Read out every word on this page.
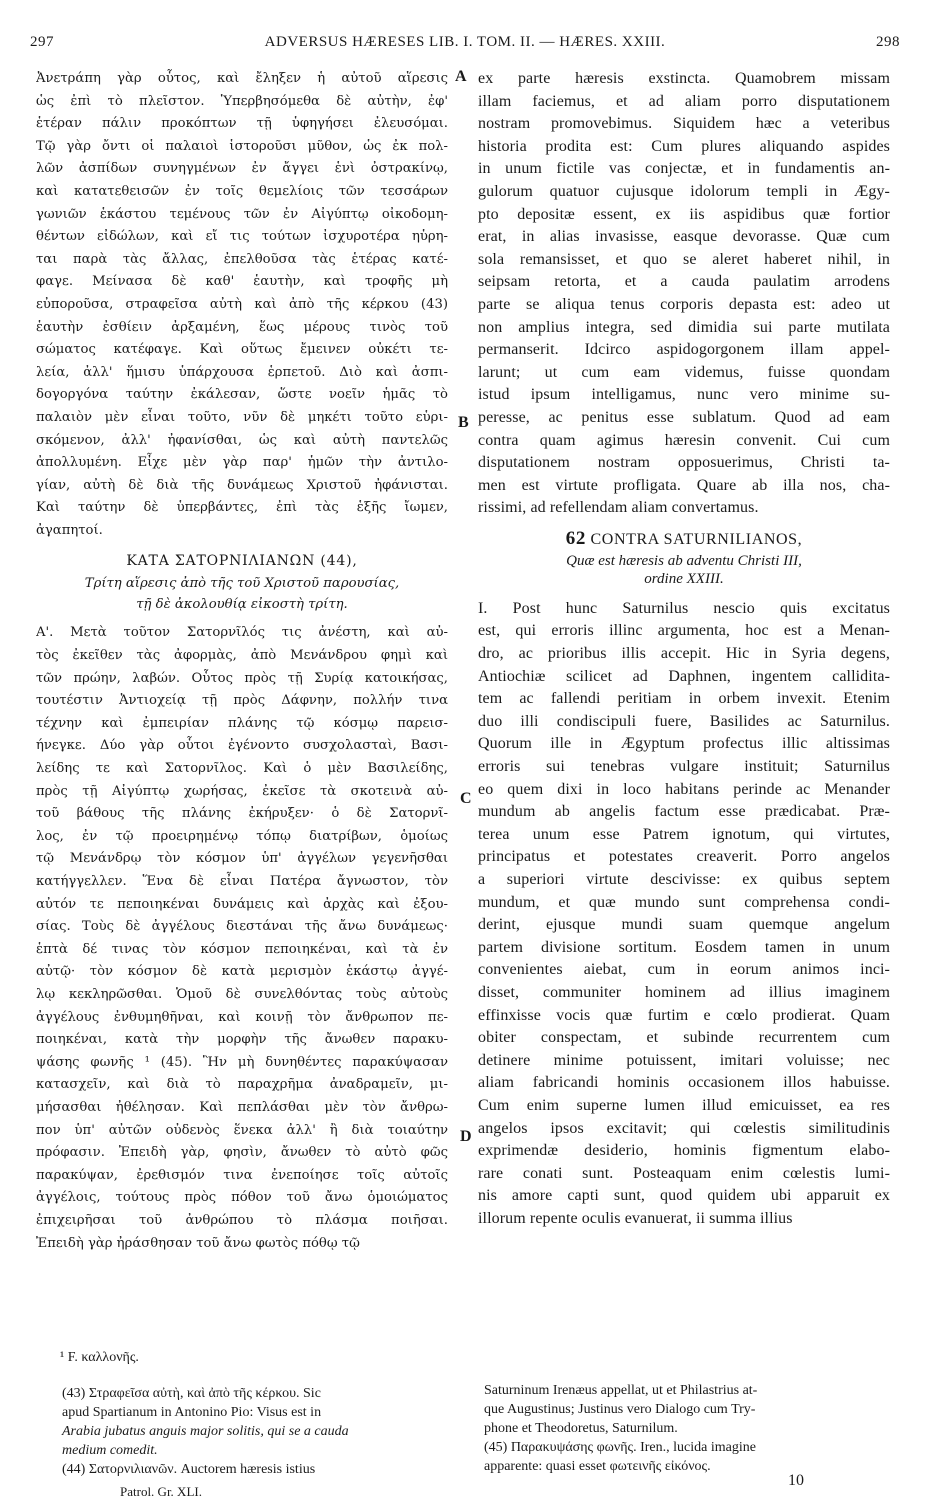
297	ADVERSUS HÆRESES LIB. I. TOM. II. — HÆRES. XXIII.	298
Ἀνετράπη γὰρ οὗτος, καὶ ἔληξεν ἡ αὐτοῦ αἵρεσις
ὡς ἐπὶ τὸ πλεῖστον. Ὑπερβησόμεθα δὲ αὐτὴν, ἐφ'
ἑτέραν πάλιν προκόπτων τῇ ὑφηγήσει ἐλευσόμαι.
Τῷ γὰρ ὄντι οἱ παλαιοὶ ἱστοροῦσι μῦθον, ὡς ἐκ πολ-
λῶν ἀσπίδων συνηγμένων ἐν ἄγγει ἑνὶ ὀστρακίνῳ,
καὶ κατατεθεισῶν ἐν τοῖς θεμελίοις τῶν τεσσάρων
γωνιῶν ἑκάστου τεμένους τῶν ἐν Αἰγύπτῳ οἰκοδομη-
θέντων εἰδώλων, καὶ εἴ τις τούτων ἰσχυροτέρα ηὑρη-
ται παρὰ τὰς ἄλλας, ἐπελθοῦσα τὰς ἑτέρας κατέ-
φαγε. Μείνασα δὲ καθ' ἑαυτὴν, καὶ τροφῆς μὴ
εὐποροῦσα, στραφεῖσα αὐτὴ καὶ ἀπὸ τῆς κέρκου (43)
ἑαυτὴν ἐσθίειν ἀρξαμένη, ἕως μέρους τινὸς τοῦ
σώματος κατέφαγε. Καὶ οὕτως ἔμεινεν οὐκέτι τε-
λεία, ἀλλ' ἥμισυ ὑπάρχουσα ἑρπετοῦ. Διὸ καὶ ἀσπι-
δογοργόνα ταύτην ἐκάλεσαν, ὥστε νοεῖν ἡμᾶς τὸ
παλαιὸν μὲν εἶναι τοῦτο, νῦν δὲ μηκέτι τοῦτο εὑρι-
σκόμενον, ἀλλ' ἠφανίσθαι, ὡς καὶ αὐτὴ παντελῶς
ἀπολλυμένη. Εἶχε μὲν γὰρ παρ' ἡμῶν τὴν ἀντιλο-
γίαν, αὐτὴ δὲ διὰ τῆς δυνάμεως Χριστοῦ ἠφάνισται.
Καὶ ταύτην δὲ ὑπερβάντες, ἐπὶ τὰς ἑξῆς ἴωμεν,
ἀγαπητοί.
ΚΑΤΑ ΣΑΤΟΡΝΙΛΙΑΝΩΝ (44),
Τρίτη αἵρεσις ἀπὸ τῆς τοῦ Χριστοῦ παρουσίας,
τῇ δὲ ἀκολουθίᾳ εἰκοστὴ τρίτη.
Α'. Μετὰ τοῦτον Σατορνῖλός τις ἀνέστη, καὶ αὐ-
τὸς ἐκεῖθεν τὰς ἀφορμὰς, ἀπὸ Μενάνδρου φημὶ καὶ
τῶν πρώην, λαβών. Οὗτος πρὸς τῇ Συρίᾳ κατοικήσας,
τουτέστιν Ἀντιοχείᾳ τῇ πρὸς Δάφνην, πολλήν τινα
τέχνην καὶ ἐμπειρίαν πλάνης τῷ κόσμῳ παρεισ-
ήνεγκε. Δύο γὰρ οὗτοι ἐγένοντο συσχολασταὶ, Βασι-
λείδης τε καὶ Σατορνῖλος. Καὶ ὁ μὲν Βασιλείδης,
πρὸς τῇ Αἰγύπτῳ χωρήσας, ἐκεῖσε τὰ σκοτεινὰ αὐ-
τοῦ βάθους τῆς πλάνης ἐκήρυξεν· ὁ δὲ Σατορνῖ-
λος, ἐν τῷ προειρημένῳ τόπῳ διατρίβων, ὁμοίως
τῷ Μενάνδρῳ τὸν κόσμον ὑπ' ἀγγέλων γεγενῆσθαι
κατήγγελλεν. Ἕνα δὲ εἶναι Πατέρα ἄγνωστον, τὸν
αὐτόν τε πεποιηκέναι δυνάμεις καὶ ἀρχὰς καὶ ἐξου-
σίας. Τοὺς δὲ ἀγγέλους διεστάναι τῆς ἄνω δυνάμεως·
ἑπτὰ δέ τινας τὸν κόσμον πεποιηκέναι, καὶ τὰ ἐν
αὐτῷ· τὸν κόσμον δὲ κατὰ μερισμὸν ἑκάστῳ ἀγγέ-
λῳ κεκληρῶσθαι. Ὁμοῦ δὲ συνελθόντας τοὺς αὐτοὺς
ἀγγέλους ἐνθυμηθῆναι, καὶ κοινῇ τὸν ἄνθρωπον πε-
ποιηκέναι, κατὰ τὴν μορφὴν τῆς ἄνωθεν παρακυ-
ψάσης φωνῆς ¹ (45). Ἣν μὴ δυνηθέντες παρακύψασαν
κατασχεῖν, καὶ διὰ τὸ παραχρῆμα ἀναδραμεῖν, μι-
μήσασθαι ἠθέλησαν. Καὶ πεπλάσθαι μὲν τὸν ἄνθρω-
πον ὑπ' αὐτῶν οὐδενὸς ἕνεκα ἀλλ' ἢ διὰ τοιαύτην
πρόφασιν. Ἐπειδὴ γὰρ, φησὶν, ἄνωθεν τὸ αὐτὸ φῶς
παρακύψαν, ἐρεθισμόν τινα ἐνεποίησε τοῖς αὐτοῖς
ἀγγέλοις, τούτους πρὸς πόθον τοῦ ἄνω ὁμοιώματος
ἐπιχειρῆσαι τοῦ ἀνθρώπου τὸ πλάσμα ποιῆσαι.
Ἐπειδὴ γὰρ ἠράσθησαν τοῦ ἄνω φωτὸς πόθῳ τῷ
ex parte hæresis exstincta. Quamobrem missam
illam faciemus, et ad aliam porro disputationem
nostram promovebimus. Siquidem hæc a veteribus
historia prodita est: Cum plures aliquando aspides
in unum fictile vas conjectæ, et in fundamentis an-
gulorum quatuor cujusque idolorum templi in Ægy-
pto depositæ essent, ex iis aspidibus quæ fortior
erat, in alias invasisse, easque devorasse. Quæ cum
sola remansisset, et quo se aleret haberet nihil, in
seipsam retorta, et a cauda paulatim arrodens
parte se aliqua tenus corporis depasta est: adeo ut
non amplius integra, sed dimidia sui parte mutilata
permanserit. Idcirco aspidogorgonem illam appel-
larunt; ut cum eam videmus, fuisse quondam
istud ipsum intelligamus, nunc vero minime su-
peresse, ac penitus esse sublatum. Quod ad eam
contra quam agimus hæresin convenit. Cui cum
disputationem nostram opposuerimus, Christi ta-
men est virtute profligata. Quare ab illa nos, cha-
rissimi, ad refellendam aliam convertamus.
62 CONTRA SATURNILIANOS,
Quæ est hæresis ab adventu Christi III,
ordine XXIII.
I. Post hunc Saturnilus nescio quis excitatus
est, qui erroris illinc argumenta, hoc est a Menan-
dro, ac prioribus illis accepit. Hic in Syria degens,
Antiochiæ scilicet ad Daphnen, ingentem calliditа-
tem ac fallendi peritiam in orbem invexit. Etenim
duo illi condiscipuli fuere, Basilides ac Saturnilus.
Quorum ille in Ægyptum profectus illic altissimas
erroris sui tenebras vulgare instituit; Saturnilus
eo quem dixi in loco habitans perinde ac Menander
mundum ab angelis factum esse prædicabat. Præ-
terea unum esse Patrem ignotum, qui virtutes,
principatus et potestates creaverit. Porro angelos
a superiori virtute descivisse: ex quibus septem
mundum, et quæ mundo sunt comprehensa condi-
derint, ejusque mundi suam quemque angelum
partem divisione sortitum. Eosdem tamen in unum
convenientes aiebat, cum in eorum animos inci-
disset, communiter hominem ad illius imaginem
effinxisse vocis quæ furtim e cœlo prodierat. Quam
obiter conspectam, et subinde recurrentem cum
detinere minime potuissent, imitari voluisse; nec
aliam fabricandi hominis occasionem illos habuisse.
Cum enim superne lumen illud emicuisset, ea res
angelos ipsos excitavit; qui cœlestis similitudinis
exprimendæ desiderio, hominis figmentum elabo-
rare conati sunt. Posteaquam enim cœlestis lumi-
nis amore capti sunt, quod quidem ubi apparuit ex
illorum repente oculis evanuerat, ii summa illius
A
B
C
D
¹ F. καλλονῆς.
(43) Στραφεῖσα αὐτὴ, καὶ ἀπὸ τῆς κέρκου. Sic
apud Spartianum in Antonino Pio: Visus est in
Arabia jubatus anguis major solitis, qui se a cauda
medium comedit.
(44) Σατορνιλιανῶν. Auctorem hæresis istius
Saturninum Irenæus appellat, ut et Philastrius at-
que Augustinus; Justinus vero Dialogo cum Try-
phone et Theodoretus, Saturnilum.
(45) Παρακυψάσης φωνῆς. Iren., lucida imagine
apparente: quasi esset φωτεινῆς εἰκόνος.
Patrol. Gr. XLI.
10
